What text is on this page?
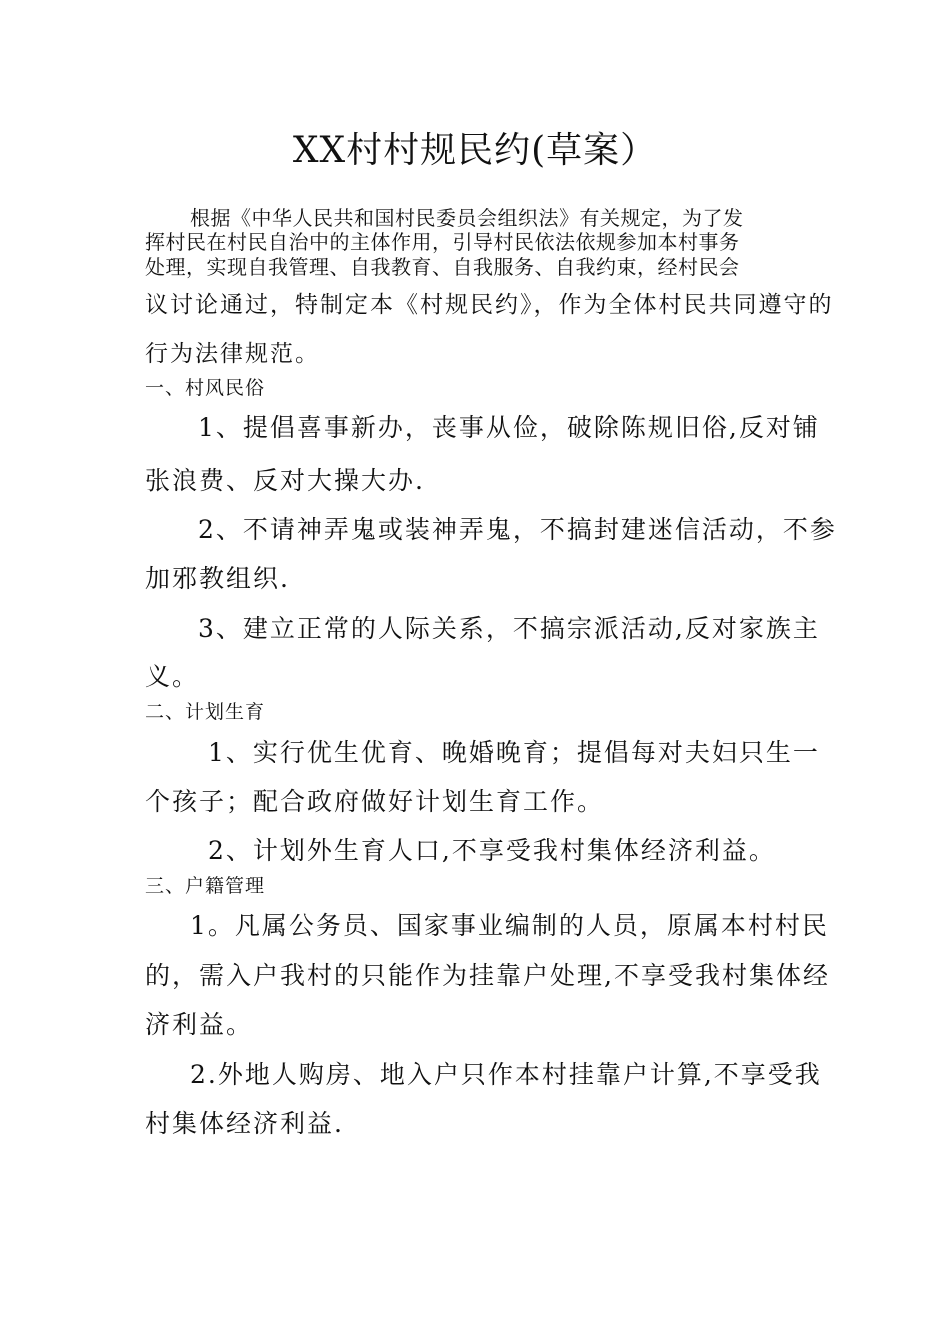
XX村村规民约(草案）
根据《中华人民共和国村民委员会组织法》有关规定，为了发
挥村民在村民自治中的主体作用，引导村民依法依规参加本村事务
处理，实现自我管理、自我教育、自我服务、自我约束，经村民会
议讨论通过，特制定本《村规民约》，作为全体村民共同遵守的
行为法律规范。
一、村风民俗
1、提倡喜事新办，丧事从俭，破除陈规旧俗,反对铺
张浪费、反对大操大办.
2、不请神弄鬼或装神弄鬼，不搞封建迷信活动，不参
加邪教组织.
3、建立正常的人际关系，不搞宗派活动,反对家族主
义。
二、计划生育
1、实行优生优育、晚婚晚育；提倡每对夫妇只生一
个孩子；配合政府做好计划生育工作。
2、计划外生育人口,不享受我村集体经济利益。
三、户籍管理
1。凡属公务员、国家事业编制的人员，原属本村村民
的，需入户我村的只能作为挂靠户处理,不享受我村集体经
济利益。
2.外地人购房、地入户只作本村挂靠户计算,不享受我
村集体经济利益.
